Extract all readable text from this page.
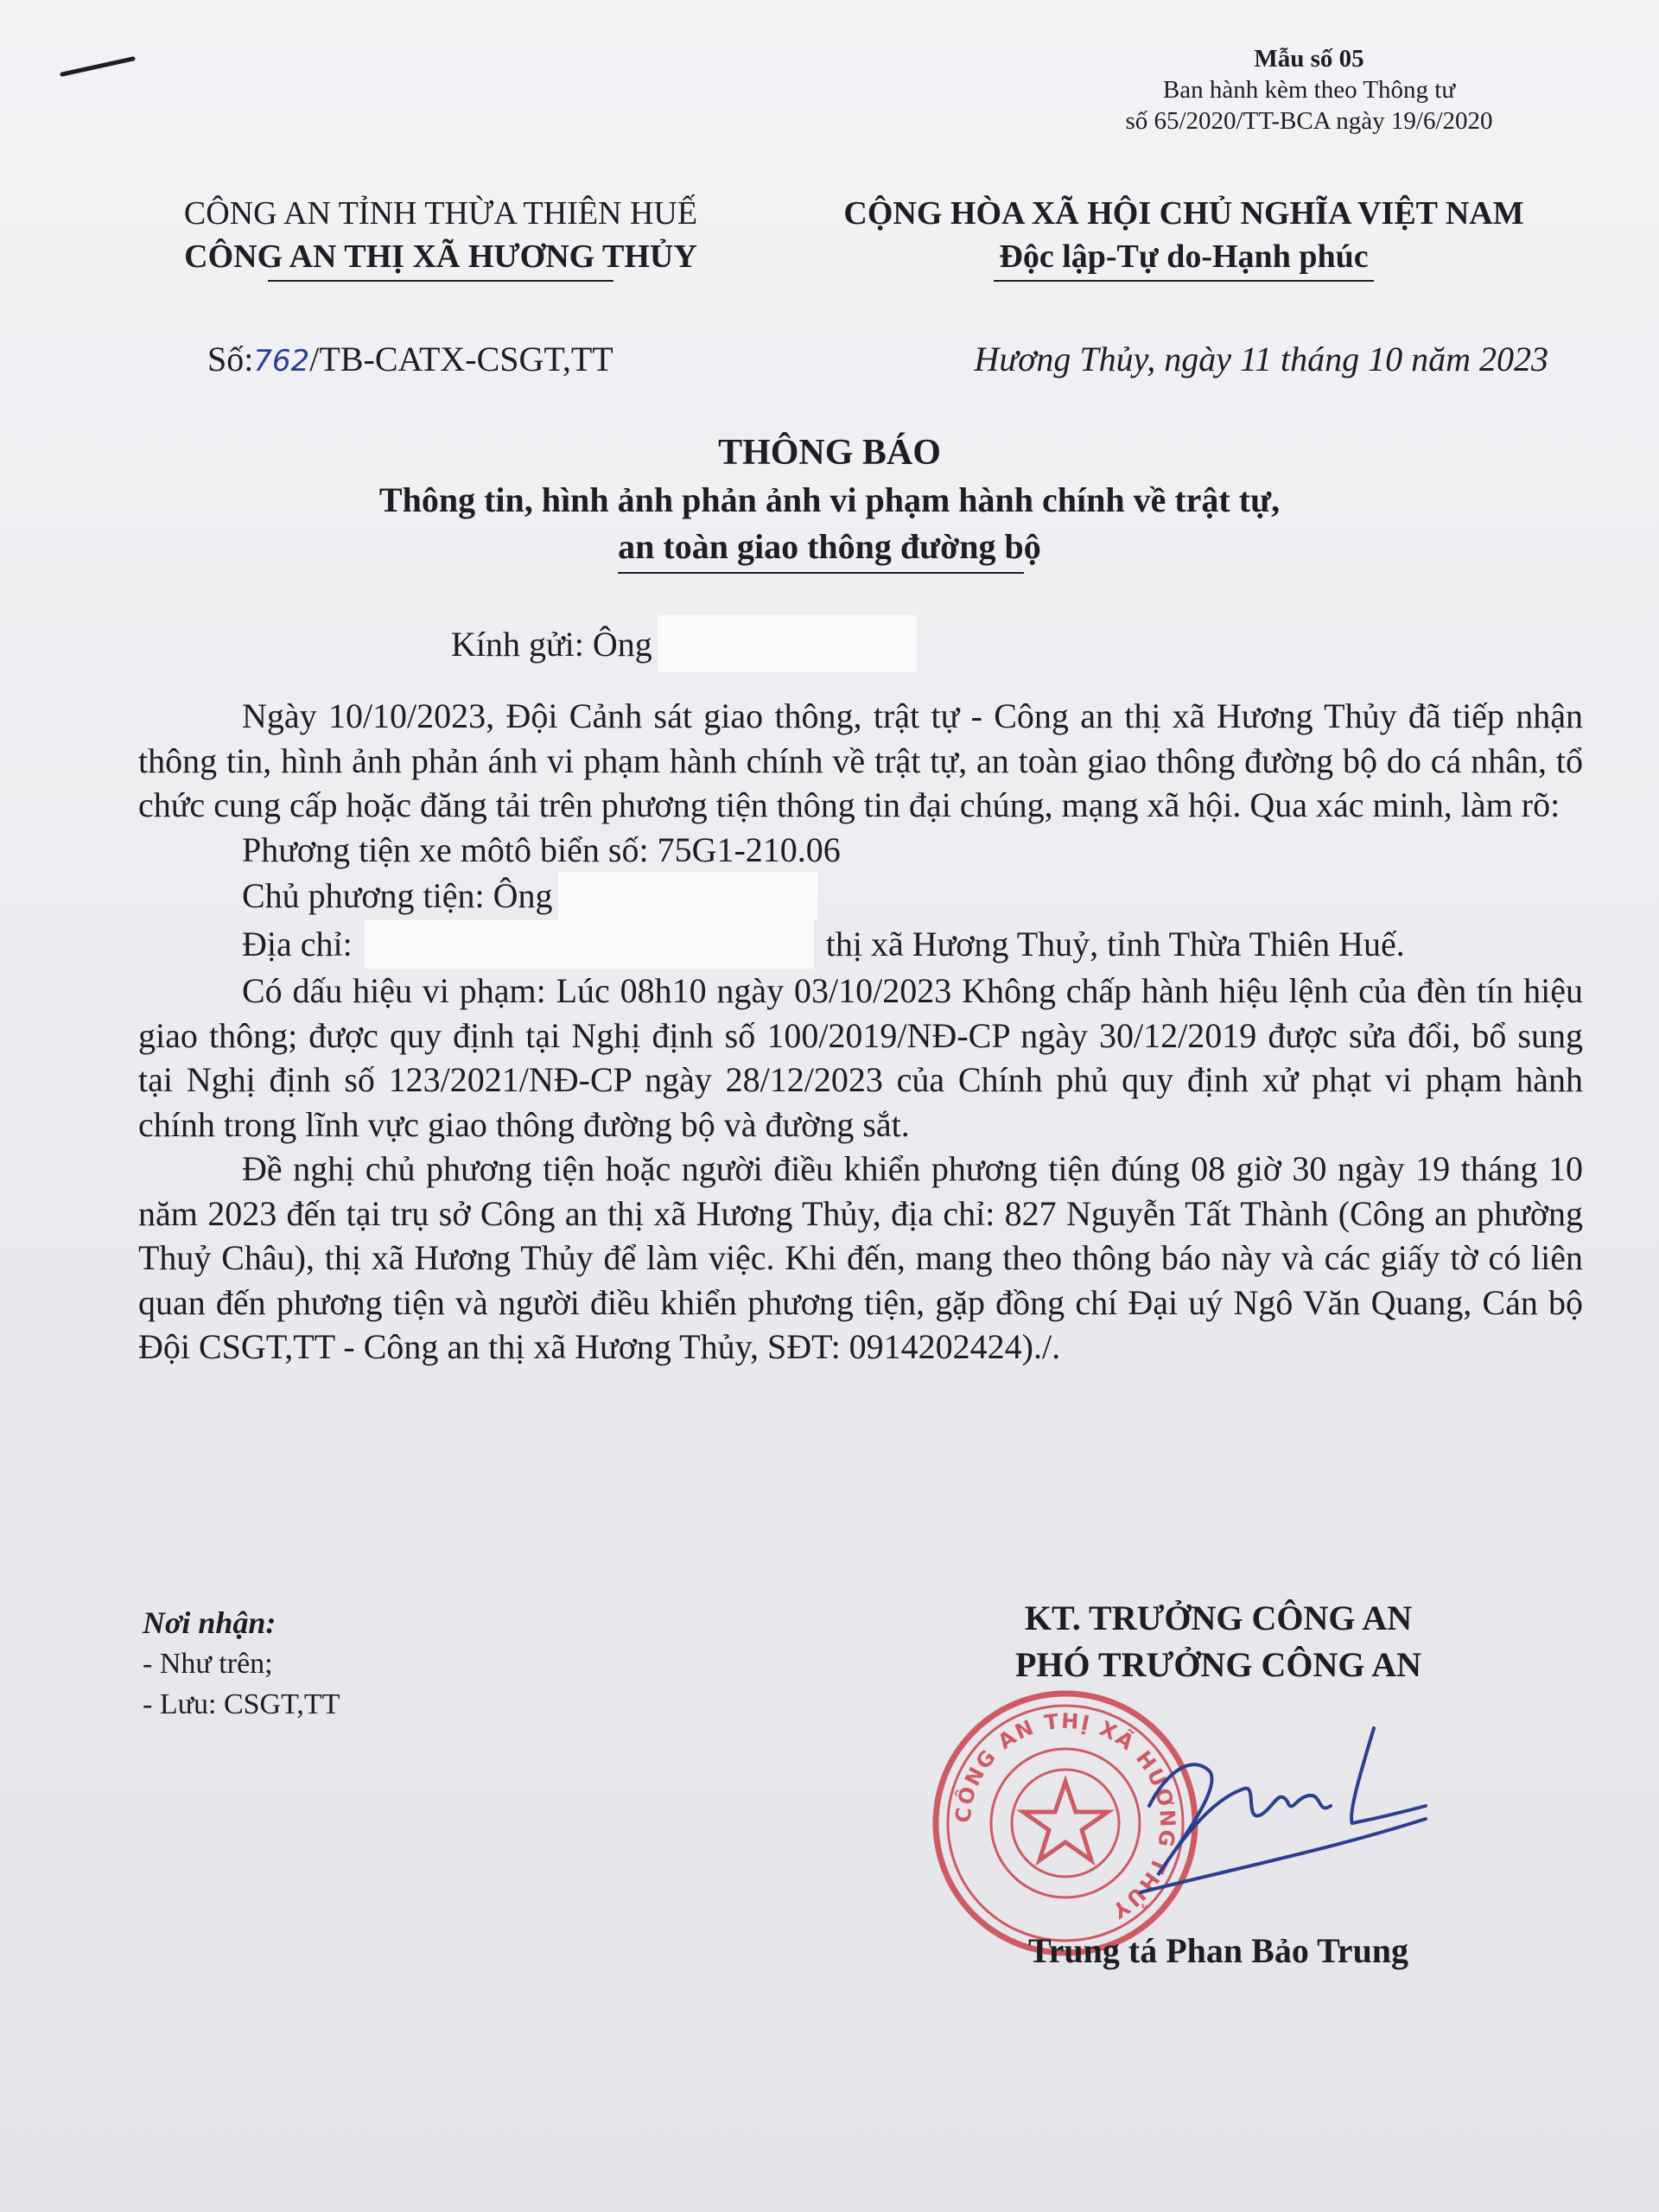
Mẫu số 05
Ban hành kèm theo Thông tư
số 65/2020/TT-BCA ngày 19/6/2020
CÔNG AN TỈNH THỪA THIÊN HUẾ
CÔNG AN THỊ XÃ HƯƠNG THỦY
CỘNG HÒA XÃ HỘI CHỦ NGHĨA VIỆT NAM
Độc lập-Tự do-Hạnh phúc
Số:762/TB-CATX-CSGT,TT	Hương Thủy, ngày 11 tháng 10 năm 2023
THÔNG BÁO
Thông tin, hình ảnh phản ảnh vi phạm hành chính về trật tự,
an toàn giao thông đường bộ
Kính gửi: Ông

Ngày 10/10/2023, Đội Cảnh sát giao thông, trật tự - Công an thị xã Hương Thủy đã tiếp nhận thông tin, hình ảnh phản ánh vi phạm hành chính về trật tự, an toàn giao thông đường bộ do cá nhân, tổ chức cung cấp hoặc đăng tải trên phương tiện thông tin đại chúng, mạng xã hội. Qua xác minh, làm rõ:

Phương tiện xe môtô biển số: 75G1-210.06
Chủ phương tiện: Ông
Địa chỉ:	thị xã Hương Thuỷ, tỉnh Thừa Thiên Huế.

Có dấu hiệu vi phạm: Lúc 08h10 ngày 03/10/2023 Không chấp hành hiệu lệnh của đèn tín hiệu giao thông; được quy định tại Nghị định số 100/2019/NĐ-CP ngày 30/12/2019 được sửa đổi, bổ sung tại Nghị định số 123/2021/NĐ-CP ngày 28/12/2023 của Chính phủ quy định xử phạt vi phạm hành chính trong lĩnh vực giao thông đường bộ và đường sắt.

Đề nghị chủ phương tiện hoặc người điều khiển phương tiện đúng 08 giờ 30 ngày 19 tháng 10 năm 2023 đến tại trụ sở Công an thị xã Hương Thủy, địa chỉ: 827 Nguyễn Tất Thành (Công an phường Thuỷ Châu), thị xã Hương Thủy để làm việc. Khi đến, mang theo thông báo này và các giấy tờ có liên quan đến phương tiện và người điều khiển phương tiện, gặp đồng chí Đại uý Ngô Văn Quang, Cán bộ Đội CSGT,TT - Công an thị xã Hương Thủy, SĐT: 0914202424)./.

Nơi nhận:
- Như trên;
- Lưu: CSGT,TT
KT. TRƯỞNG CÔNG AN
PHÓ TRƯỞNG CÔNG AN
CÔNG AN THỊ XÃ HƯƠNG THỦY
Trung tá Phan Bảo Trung
